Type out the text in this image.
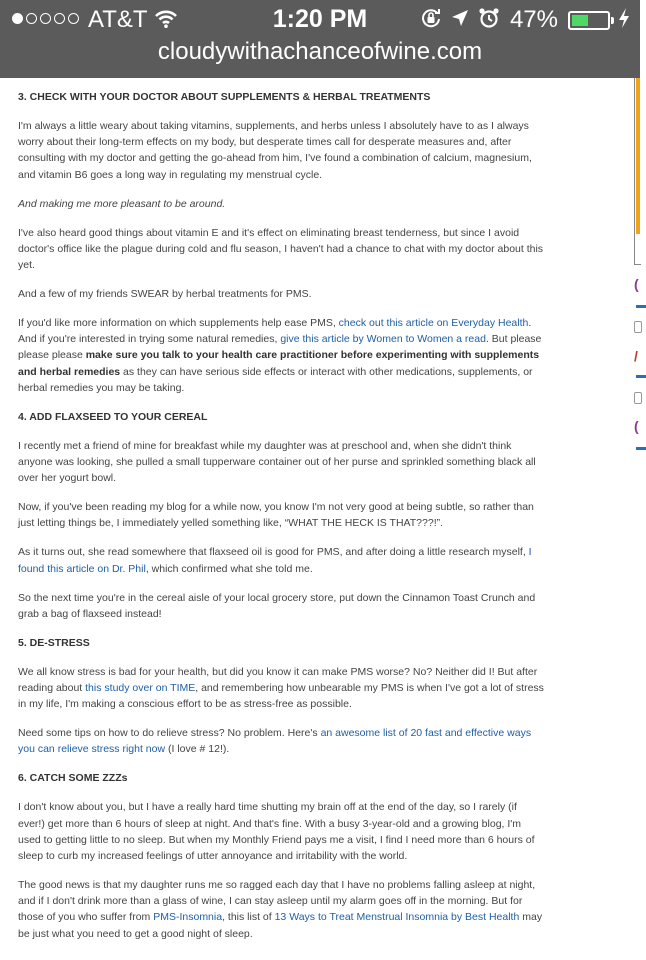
AT&T	1:20 PM	47%
cloudywithachanceofwine.com

3. CHECK WITH YOUR DOCTOR ABOUT SUPPLEMENTS & HERBAL TREATMENTS

I'm always a little weary about taking vitamins, supplements, and herbs unless I absolutely have to as I always worry about their long-term effects on my body, but desperate times call for desperate measures and, after consulting with my doctor and getting the go-ahead from him, I've found a combination of calcium, magnesium, and vitamin B6 goes a long way in regulating my menstrual cycle.

And making me more pleasant to be around.

I've also heard good things about vitamin E and it's effect on eliminating breast tenderness, but since I avoid doctor's office like the plague during cold and flu season, I haven't had a chance to chat with my doctor about this yet.

And a few of my friends SWEAR by herbal treatments for PMS.

If you'd like more information on which supplements help ease PMS, check out this article on Everyday Health. And if you're interested in trying some natural remedies, give this article by Women to Women a read. But please please please make sure you talk to your health care practitioner before experimenting with supplements and herbal remedies as they can have serious side effects or interact with other medications, supplements, or herbal remedies you may be taking.

4. ADD FLAXSEED TO YOUR CEREAL

I recently met a friend of mine for breakfast while my daughter was at preschool and, when she didn't think anyone was looking, she pulled a small tupperware container out of her purse and sprinkled something black all over her yogurt bowl.

Now, if you've been reading my blog for a while now, you know I'm not very good at being subtle, so rather than just letting things be, I immediately yelled something like, “WHAT THE HECK IS THAT???!”.

As it turns out, she read somewhere that flaxseed oil is good for PMS, and after doing a little research myself, I found this article on Dr. Phil, which confirmed what she told me.

So the next time you're in the cereal aisle of your local grocery store, put down the Cinnamon Toast Crunch and grab a bag of flaxseed instead!

5. DE-STRESS

We all know stress is bad for your health, but did you know it can make PMS worse? No? Neither did I! But after reading about this study over on TIME, and remembering how unbearable my PMS is when I've got a lot of stress in my life, I'm making a conscious effort to be as stress-free as possible.

Need some tips on how to do relieve stress? No problem. Here's an awesome list of 20 fast and effective ways you can relieve stress right now (I love # 12!).

6. CATCH SOME ZZZs

I don't know about you, but I have a really hard time shutting my brain off at the end of the day, so I rarely (if ever!) get more than 6 hours of sleep at night. And that's fine. With a busy 3-year-old and a growing blog, I'm used to getting little to no sleep. But when my Monthly Friend pays me a visit, I find I need more than 6 hours of sleep to curb my increased feelings of utter annoyance and irritability with the world.

The good news is that my daughter runs me so ragged each day that I have no problems falling asleep at night, and if I don't drink more than a glass of wine, I can stay asleep until my alarm goes off in the morning. But for those of you who suffer from PMS-Insomnia, this list of 13 Ways to Treat Menstrual Insomnia by Best Health may be just what you need to get a good night of sleep.

(
▬
/
▬
(
▬
